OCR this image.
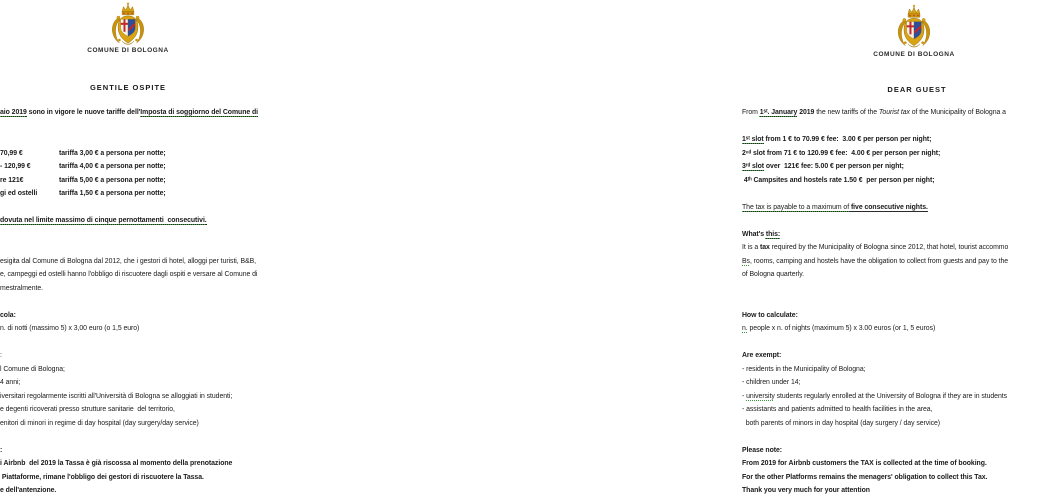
COMUNE DI BOLOGNA
GENTILE OSPITE
aio 2019 sono in vigore le nuove tariffe dell'Imposta di soggiorno del Comune di

70,99 €	tariffa 3,00 € a persona per notte;
- 120,99 €	tariffa 4,00 € a persona per notte;
re 121€	tariffa 5,00 € a persona per notte;
gi ed ostelli	tariffa 1,50 € a persona per notte;

dovuta nel limite massimo di cinque pernottamenti  consecutivi.

esigita dal Comune di Bologna dal 2012, che i gestori di hotel, alloggi per turisti, B&B,
e, campeggi ed ostelli hanno l'obbligo di riscuotere dagli ospiti e versare al Comune di
mestralmente.

cola:
n. di notti (massimo 5) x 3,00 euro (o 1,5 euro)

:
l Comune di Bologna;
4 anni;
iversitari regolarmente iscritti all'Università di Bologna se alloggiati in studenti;
e degenti ricoverati presso strutture sanitarie  del territorio,
enitori di minori in regime di day hospital (day surgery/day service)

:
i Airbnb  del 2019 la Tassa è già riscossa al momento della prenotazione
Piattaforme, rimane l'obbligo dei gestori di riscuotere la Tassa.
e dell'antenzione.
COMUNE DI BOLOGNA
DEAR GUEST
From 1ˢᵗ. January 2019 the new tariffs of the Tourist tax of the Municipality of Bologna a

1ˢᵗ slot from 1 € to 70.99 € fee:  3.00 € per person per night;
2ⁿᵈ slot from 71 € to 120.99 € fee:  4.00 € per person per night;
3ʳᵈ slot over  121€ fee: 5.00 € per person per night;
4ᵗʰ Campsites and hostels rate 1.50 €  per person per night;

The tax is payable to a maximum of five consecutive nights.

What's this:
It is a tax required by the Municipality of Bologna since 2012, that hotel, tourist accommo
Bs, rooms, camping and hostels have the obligation to collect from guests and pay to the
of Bologna quarterly.

How to calculate:
n. people x n. of nights (maximum 5) x 3.00 euros (or 1, 5 euros)

Are exempt:
- residents in the Municipality of Bologna;
- children under 14;
- university students regularly enrolled at the University of Bologna if they are in students
- assistants and patients admitted to health facilities in the area,
both parents of minors in day hospital (day surgery / day service)

Please note:
From 2019 for Airbnb customers the TAX is collected at the time of booking.
For the other Platforms remains the menagers' obligation to collect this Tax.
Thank you very much for your attention
